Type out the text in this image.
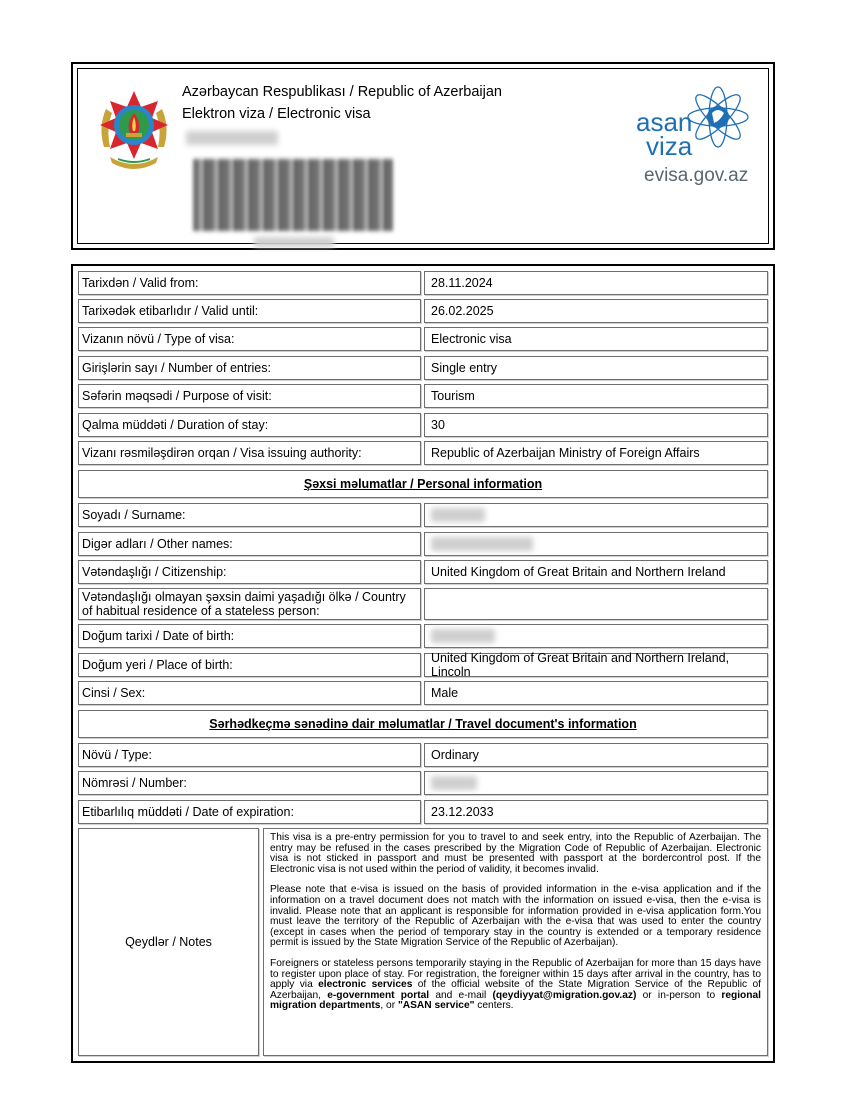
Azərbaycan Respublikası / Republic of Azerbaijan
Elektron viza / Electronic visa	asan
viza
evisa.gov.az
Tarixdən / Valid from:	28.11.2024
Tarixədək etibarlıdır / Valid until:	26.02.2025
Vizanın növü / Type of visa:	Electronic visa
Girişlərin sayı / Number of entries:	Single entry
Səfərin məqsədi / Purpose of visit:	Tourism
Qalma müddəti / Duration of stay:	30
Vizanı rəsmiləşdirən orqan / Visa issuing authority:	Republic of Azerbaijan Ministry of Foreign Affairs
Şəxsi məlumatlar / Personal information
Soyadı / Surname:
Digər adları / Other names:
Vətəndaşlığı / Citizenship:	United Kingdom of Great Britain and Northern Ireland
Vətəndaşlığı olmayan şəxsin daimi yaşadığı ölkə / Country of habitual residence of a stateless person:
Doğum tarixi / Date of birth:
Doğum yeri / Place of birth:	United Kingdom of Great Britain and Northern Ireland, Lincoln
Cinsi / Sex:	Male
Sərhədkeçmə sənədinə dair məlumatlar / Travel document's information
Növü / Type:	Ordinary
Nömrəsi / Number:
Etibarlılıq müddəti / Date of expiration:	23.12.2033
Qeydlər / Notes

This visa is a pre-entry permission for you to travel to and seek entry, into the Republic of Azerbaijan. The entry may be refused in the cases prescribed by the Migration Code of Republic of Azerbaijan. Electronic visa is not sticked in passport and must be presented with passport at the bordercontrol post. If the Electronic visa is not used within the period of validity, it becomes invalid.

Please note that e-visa is issued on the basis of provided information in the e-visa application and if the information on a travel document does not match with the information on issued e-visa, then the e-visa is invalid. Please note that an applicant is responsible for information provided in e-visa application form.You must leave the territory of the Republic of Azerbaijan with the e-visa that was used to enter the country (except in cases when the period of temporary stay in the country is extended or a temporary residence permit is issued by the State Migration Service of the Republic of Azerbaijan).

Foreigners or stateless persons temporarily staying in the Republic of Azerbaijan for more than 15 days have to register upon place of stay. For registration, the foreigner within 15 days after arrival in the country, has to apply via electronic services of the official website of the State Migration Service of the Republic of Azerbaijan, e-government portal and e-mail (qeydiyyat@migration.gov.az) or in-person to regional migration departments, or "ASAN service" centers.
